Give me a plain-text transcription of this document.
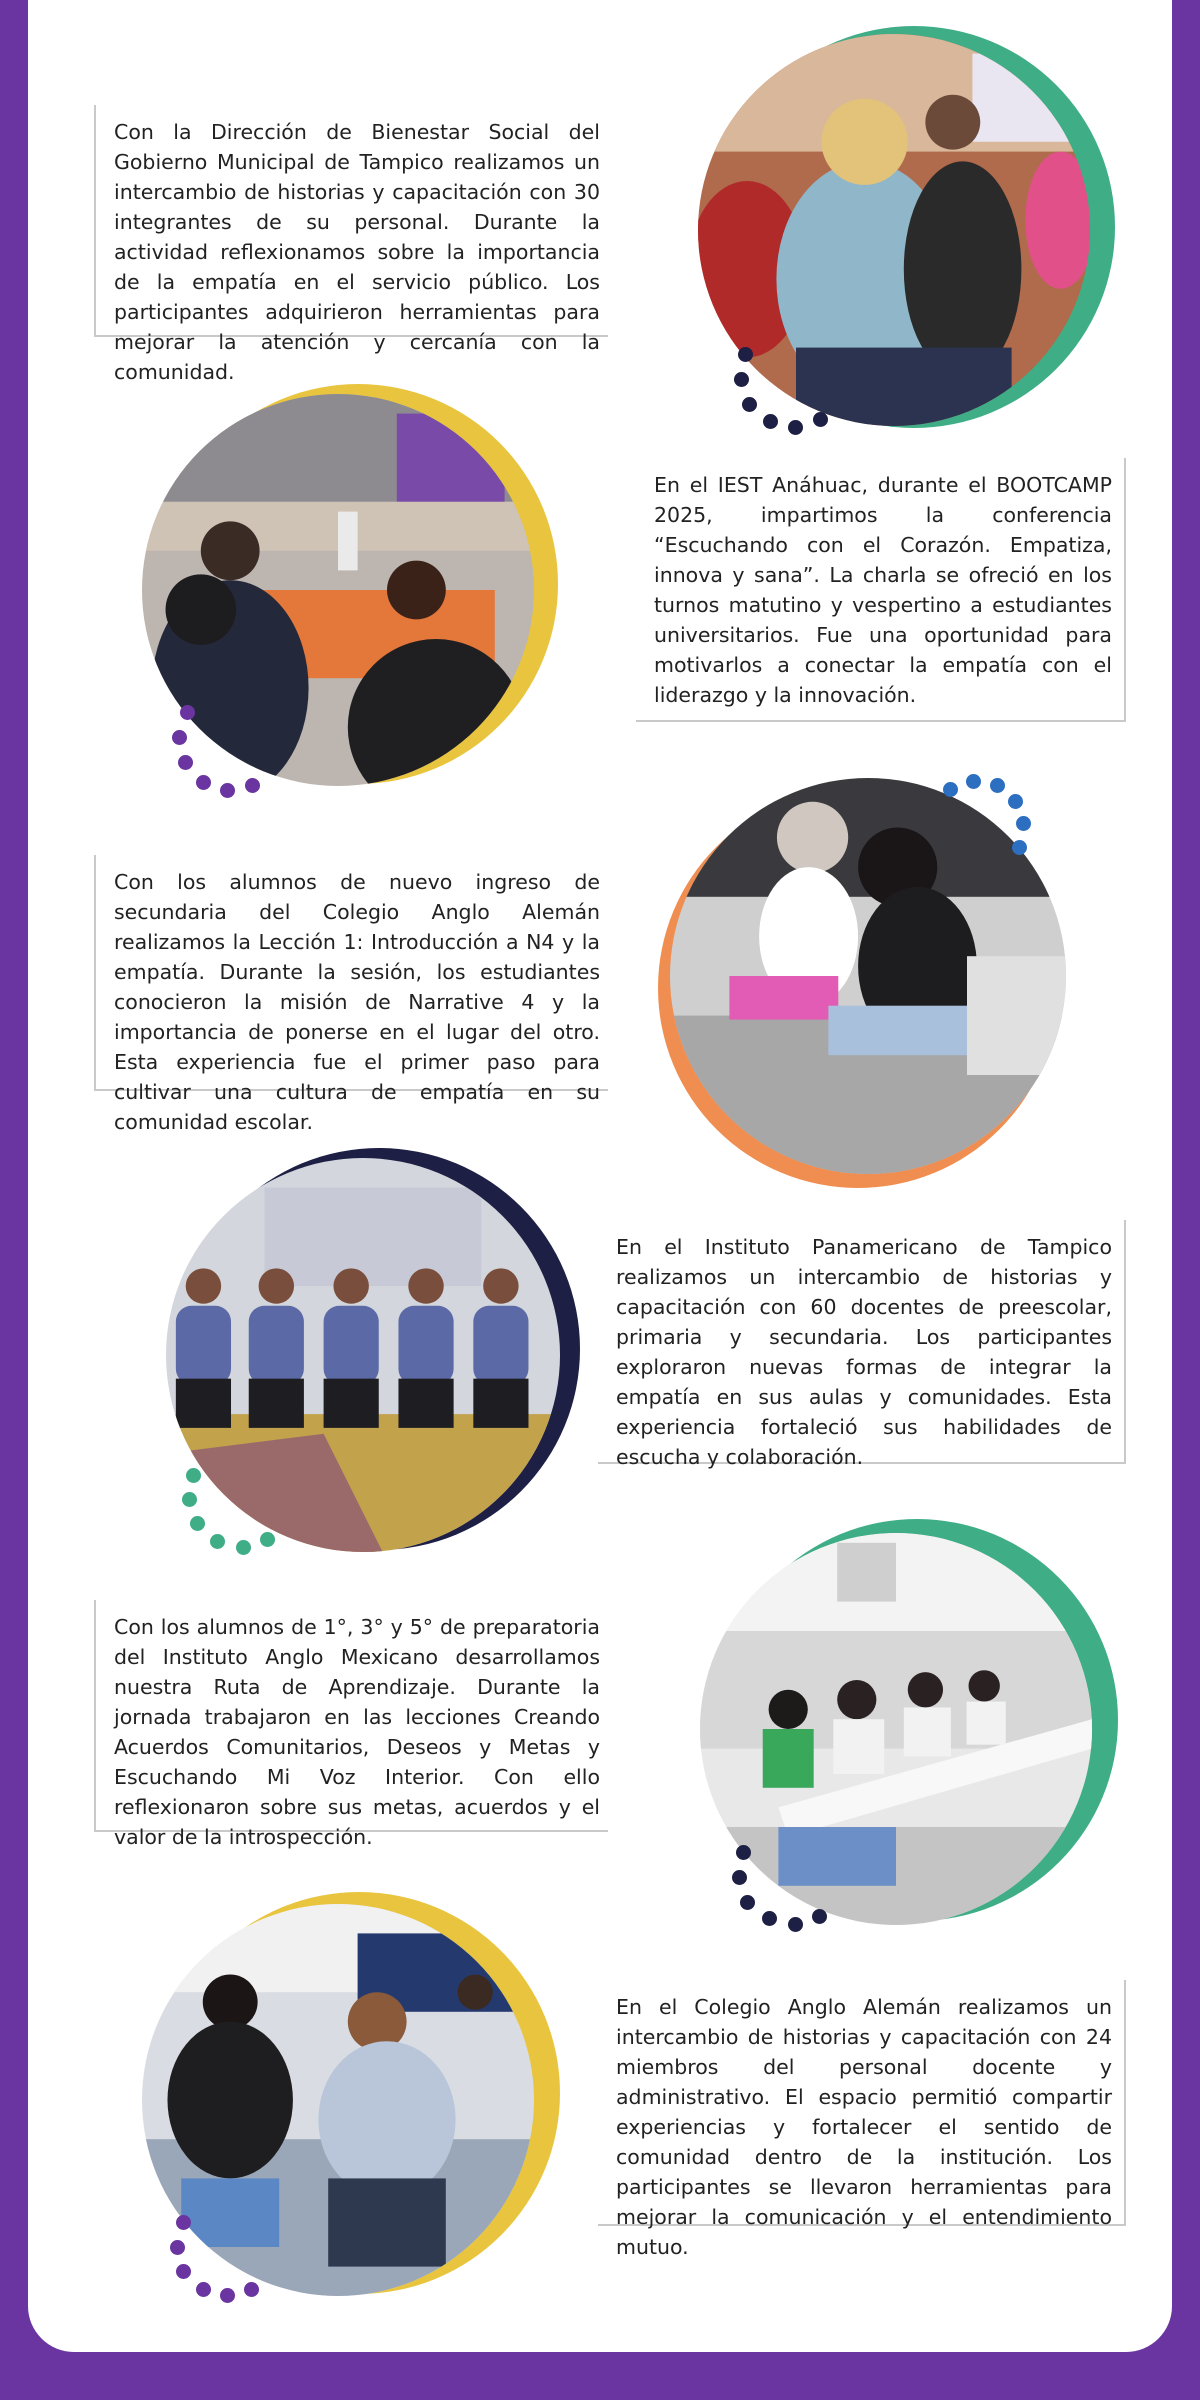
Con la Dirección de Bienestar Social del Gobierno Municipal de Tampico realizamos un intercambio de historias y capacitación con 30 integrantes de su personal. Durante la actividad reflexionamos sobre la importancia de la empatía en el servicio público. Los participantes adquirieron herramientas para mejorar la atención y cercanía con la comunidad.
En el IEST Anáhuac, durante el BOOTCAMP 2025, impartimos la conferencia “Escuchando con el Corazón. Empatiza, innova y sana”. La charla se ofreció en los turnos matutino y vespertino a estudiantes universitarios. Fue una oportunidad para motivarlos a conectar la empatía con el liderazgo y la innovación.
Con los alumnos de nuevo ingreso de secundaria del Colegio Anglo Alemán realizamos la Lección 1: Introducción a N4 y la empatía. Durante la sesión, los estudiantes conocieron la misión de Narrative 4 y la importancia de ponerse en el lugar del otro. Esta experiencia fue el primer paso para cultivar una cultura de empatía en su comunidad escolar.
En el Instituto Panamericano de Tampico realizamos un intercambio de historias y capacitación con 60 docentes de preescolar, primaria y secundaria. Los participantes exploraron nuevas formas de integrar la empatía en sus aulas y comunidades. Esta experiencia fortaleció sus habilidades de escucha y colaboración.
Con los alumnos de 1°, 3° y 5° de preparatoria del Instituto Anglo Mexicano desarrollamos nuestra Ruta de Aprendizaje. Durante la jornada trabajaron en las lecciones Creando Acuerdos Comunitarios, Deseos y Metas y Escuchando Mi Voz Interior. Con ello reflexionaron sobre sus metas, acuerdos y el valor de la introspección.
En el Colegio Anglo Alemán realizamos un intercambio de historias y capacitación con 24 miembros del personal docente y administrativo. El espacio permitió compartir experiencias y fortalecer el sentido de comunidad dentro de la institución. Los participantes se llevaron herramientas para mejorar la comunicación y el entendimiento mutuo.
